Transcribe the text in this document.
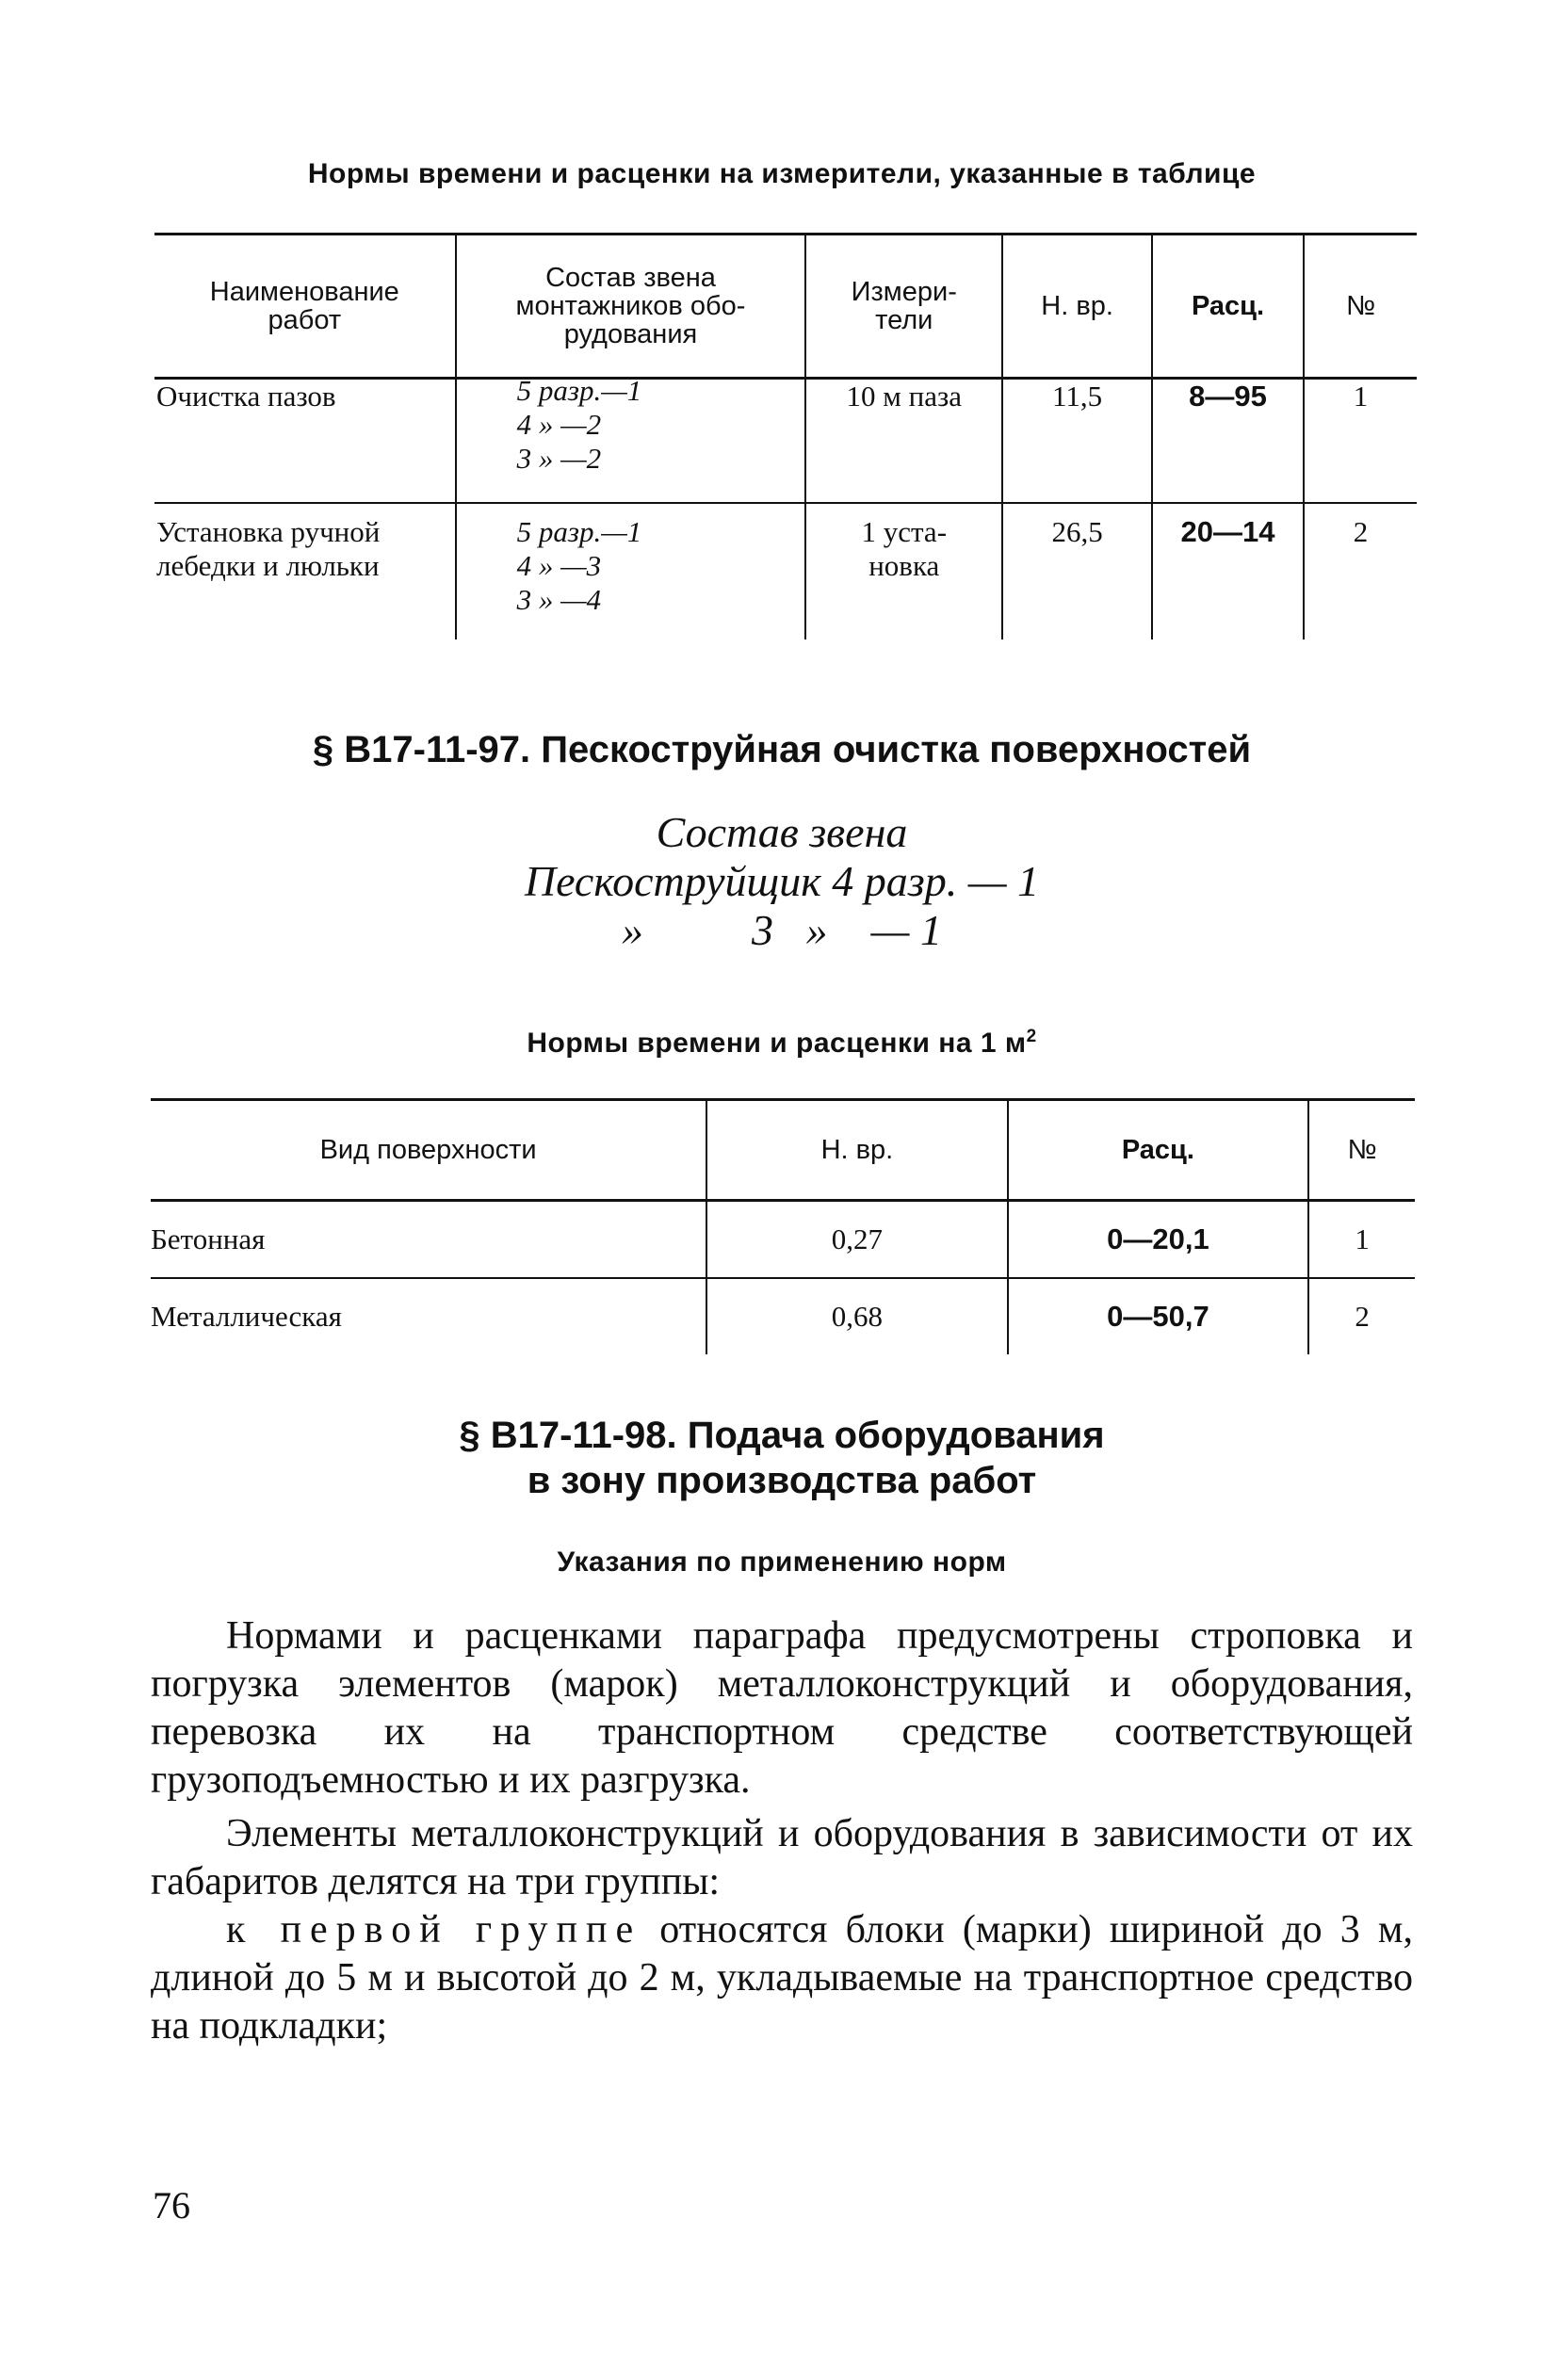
Нормы времени и расценки на измерители, указанные в таблице
Наименование
работ	Состав звена
монтажников обо-
рудования	Измери-
тели	Н. вр.	Расц.	№

Очистка пазов	5 разр.—1
4 » —2
3 » —2	10 м паза	11,5	8—95	1

Установка ручной
лебедки и люльки	5 разр.—1
4 » —3
3 » —4	1 уста-
новка	26,5	20—14	2
§ В17-11-97. Пескоструйная очистка поверхностей
Состав звена
Пескоструйщик 4 разр. — 1
»          3   »    — 1
Нормы времени и расценки на 1 $м^2$
Вид поверхности	Н. вр.	Расц.	№
Бетонная	0,27	0—20,1	1
Металлическая	0,68	0—50,7	2
§ В17-11-98. Подача оборудования
в зону производства работ
Указания по применению норм

Нормами и расценками параграфа предусмотрены строповка и погрузка элементов (марок) металлоконструкций и оборудования, перевозка их на транспортном средстве соответствующей грузоподъемностью и их разгрузка.

Элементы металлоконструкций и оборудования в зависимости от их габаритов делятся на три группы:

к первой группе относятся блоки (марки) шириной до 3 м, длиной до 5 м и высотой до 2 м, укладываемые на транспортное средство на подкладки;

76
